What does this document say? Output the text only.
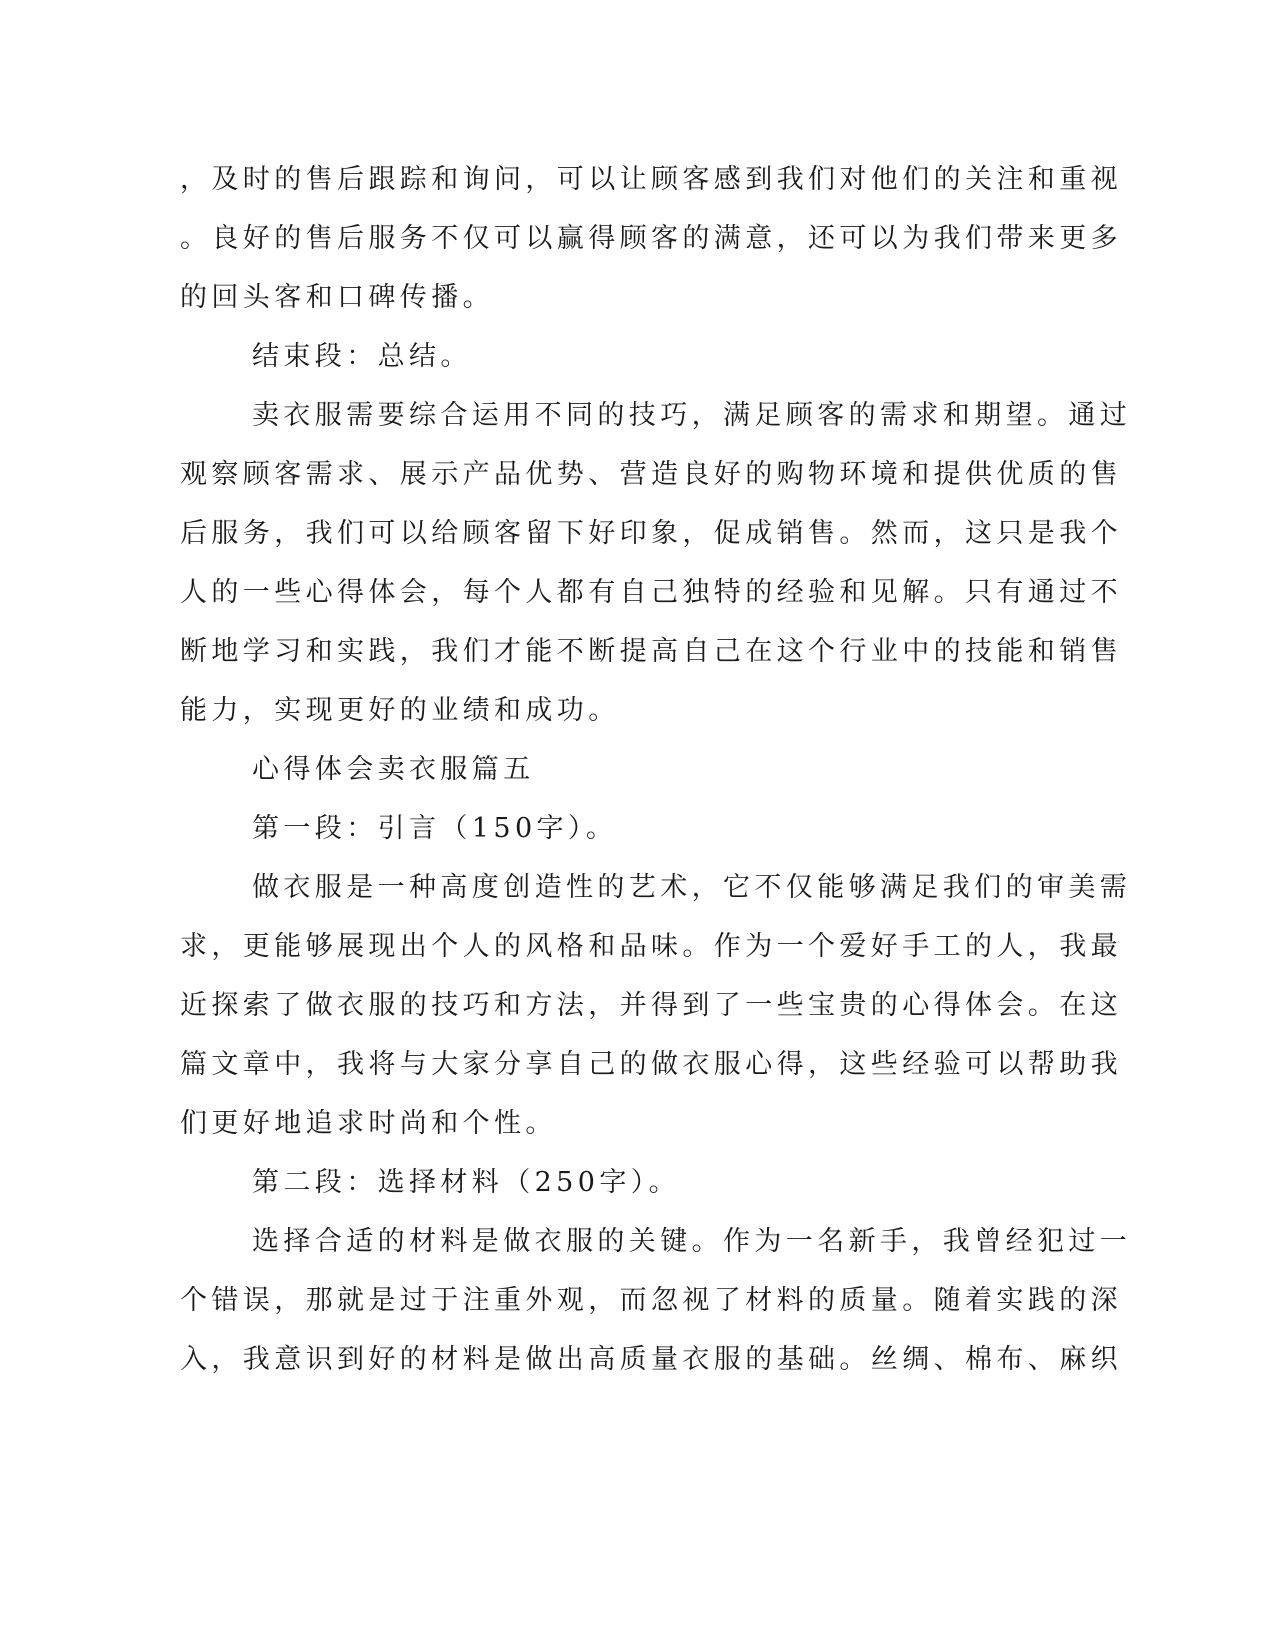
，及时的售后跟踪和询问，可以让顾客感到我们对他们的关注和重视
。良好的售后服务不仅可以赢得顾客的满意，还可以为我们带来更多
的回头客和口碑传播。
结束段：总结。
卖衣服需要综合运用不同的技巧，满足顾客的需求和期望。通过
观察顾客需求、展示产品优势、营造良好的购物环境和提供优质的售
后服务，我们可以给顾客留下好印象，促成销售。然而，这只是我个
人的一些心得体会，每个人都有自己独特的经验和见解。只有通过不
断地学习和实践，我们才能不断提高自己在这个行业中的技能和销售
能力，实现更好的业绩和成功。
心得体会卖衣服篇五
第一段：引言（150字）。
做衣服是一种高度创造性的艺术，它不仅能够满足我们的审美需
求，更能够展现出个人的风格和品味。作为一个爱好手工的人，我最
近探索了做衣服的技巧和方法，并得到了一些宝贵的心得体会。在这
篇文章中，我将与大家分享自己的做衣服心得，这些经验可以帮助我
们更好地追求时尚和个性。
第二段：选择材料（250字）。
选择合适的材料是做衣服的关键。作为一名新手，我曾经犯过一
个错误，那就是过于注重外观，而忽视了材料的质量。随着实践的深
入，我意识到好的材料是做出高质量衣服的基础。丝绸、棉布、麻织
